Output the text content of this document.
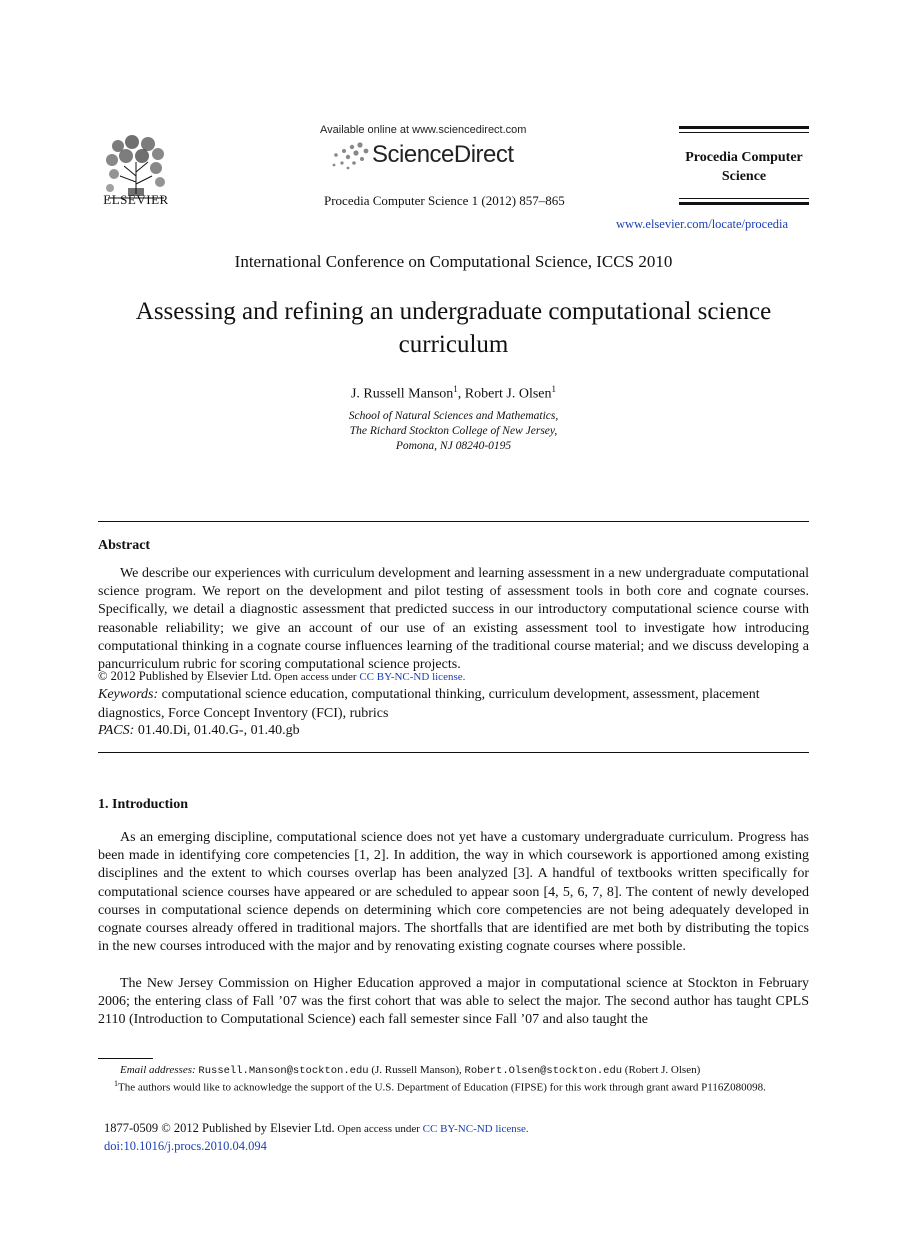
ELSEVIER
Available online at www.sciencedirect.com
ScienceDirect
Procedia Computer Science 1 (2012) 857–865
Procedia Computer
Science
www.elsevier.com/locate/procedia
International Conference on Computational Science, ICCS 2010
Assessing and refining an undergraduate computational science
curriculum
J. Russell Manson$^1$, Robert J. Olsen$^1$
School of Natural Sciences and Mathematics,
The Richard Stockton College of New Jersey,
Pomona, NJ 08240-0195
Abstract
We describe our experiences with curriculum development and learning assessment in a new undergraduate computational science program. We report on the development and pilot testing of assessment tools in both core and cognate courses. Specifically, we detail a diagnostic assessment that predicted success in our introductory computational science course with reasonable reliability; we give an account of our use of an existing assessment tool to investigate how introducing computational thinking in a cognate course influences learning of the traditional course material; and we discuss developing a pancurriculum rubric for scoring computational science projects.
© 2012 Published by Elsevier Ltd. Open access under CC BY-NC-ND license.
Keywords: computational science education, computational thinking, curriculum development, assessment, placement diagnostics, Force Concept Inventory (FCI), rubrics
PACS: 01.40.Di, 01.40.G-, 01.40.gb
1. Introduction
As an emerging discipline, computational science does not yet have a customary undergraduate curriculum. Progress has been made in identifying core competencies [1, 2]. In addition, the way in which coursework is apportioned among existing disciplines and the extent to which courses overlap has been analyzed [3]. A handful of textbooks written specifically for computational science courses have appeared or are scheduled to appear soon [4, 5, 6, 7, 8]. The content of newly developed courses in computational science depends on determining which core competencies are not being adequately developed in cognate courses already offered in traditional majors. The shortfalls that are identified are met both by distributing the topics in the new courses introduced with the major and by renovating existing cognate courses where possible.
The New Jersey Commission on Higher Education approved a major in computational science at Stockton in February 2006; the entering class of Fall ’07 was the first cohort that was able to select the major. The second author has taught CPLS 2110 (Introduction to Computational Science) each fall semester since Fall ’07 and also taught the
Email addresses: Russell.Manson@stockton.edu (J. Russell Manson), Robert.Olsen@stockton.edu (Robert J. Olsen)
$^1$The authors would like to acknowledge the support of the U.S. Department of Education (FIPSE) for this work through grant award P116Z080098.
1877-0509 © 2012 Published by Elsevier Ltd. Open access under CC BY-NC-ND license.
doi:10.1016/j.procs.2010.04.094
